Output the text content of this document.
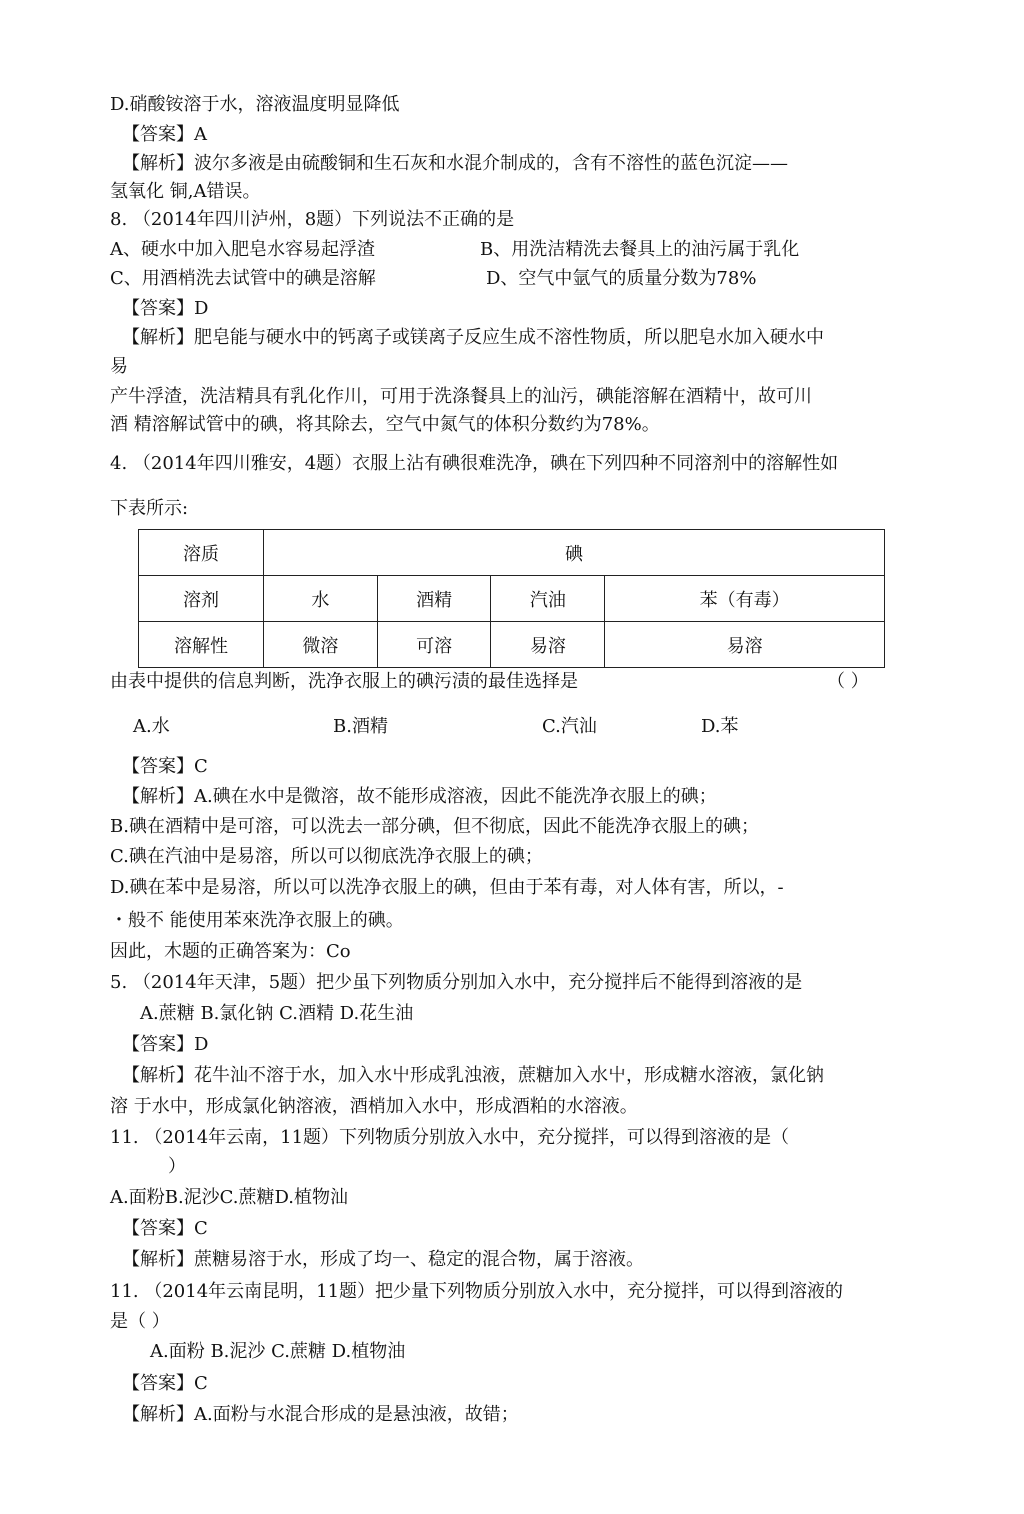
D.硝酸铵溶于水，溶液温度明显降低
【答案】A
【解析】波尔多液是由硫酸铜和生石灰和水混介制成的，含有不溶性的蓝色沉淀——
氢氧化 铜,A错误。
8. （2014年四川泸州，8题）下列说法不正确的是
A、硬水中加入肥皂水容易起浮渣	B、用洗洁精洗去餐具上的油污属于乳化
C、用酒梢洗去试管中的碘是溶解	D、空气中氩气的质量分数为78%
【答案】D
【解析】肥皂能与硬水中的钙离子或镁离子反应生成不溶性物质，所以肥皂水加入硬水中
易
产牛浮渣，洗洁精具有乳化作川，可用于洗涤餐具上的汕污，碘能溶解在酒精屮，故可川
酒 精溶解试管中的碘，将其除去，空气中氮气的体积分数约为78%。
4. （2014年四川雅安，4题）衣服上沾有碘很难洗净，碘在下列四种不同溶剂中的溶解性如
下表所示:
溶质	碘			
溶剂	水	酒精	汽油	苯（有毒）
溶解性	微溶	可溶	易溶	易溶
由表中提供的信息判断，洗净衣服上的碘污渍的最佳选择是	（ ）
A.水	B.酒精	C.汽汕	D.苯
【答案】C
【解析】A.碘在水中是微溶，故不能形成溶液，因此不能洗净衣服上的碘；
B.碘在酒精中是可溶，可以洗去一部分碘，但不彻底，因此不能洗净衣服上的碘；
C.碘在汽油中是易溶，所以可以彻底洗净衣服上的碘；
D.碘在苯中是易溶，所以可以洗净衣服上的碘，但由于苯有毒，对人体有害，所以，-
・般不 能使用苯來洗净衣服上的碘。
因此，木题的正确答案为：Co
5. （2014年天津，5题）把少虽下列物质分别加入水中，充分搅拌后不能得到溶液的是
A.蔗糖 B.氯化钠 C.酒精 D.花生油
【答案】D
【解析】花牛汕不溶于水，加入水屮形成乳浊液，蔗糖加入水屮，形成糖水溶液，氯化钠
溶 于水中，形成氯化钠溶液，酒梢加入水中，形成酒粕的水溶液。
11. （2014年云南，11题）下列物质分别放入水中，充分搅拌，可以得到溶液的是（
）
A.面粉B.泥沙C.蔗糖D.植物汕
【答案】C
【解析】蔗糖易溶于水，形成了均一、稳定的混合物，属于溶液。
11. （2014年云南昆明，11题）把少量下列物质分别放入水中，充分搅拌，可以得到溶液的
是（ ）
A.面粉 B.泥沙 C.蔗糖 D.植物油
【答案】C
【解析】A.面粉与水混合形成的是悬浊液，故错；
